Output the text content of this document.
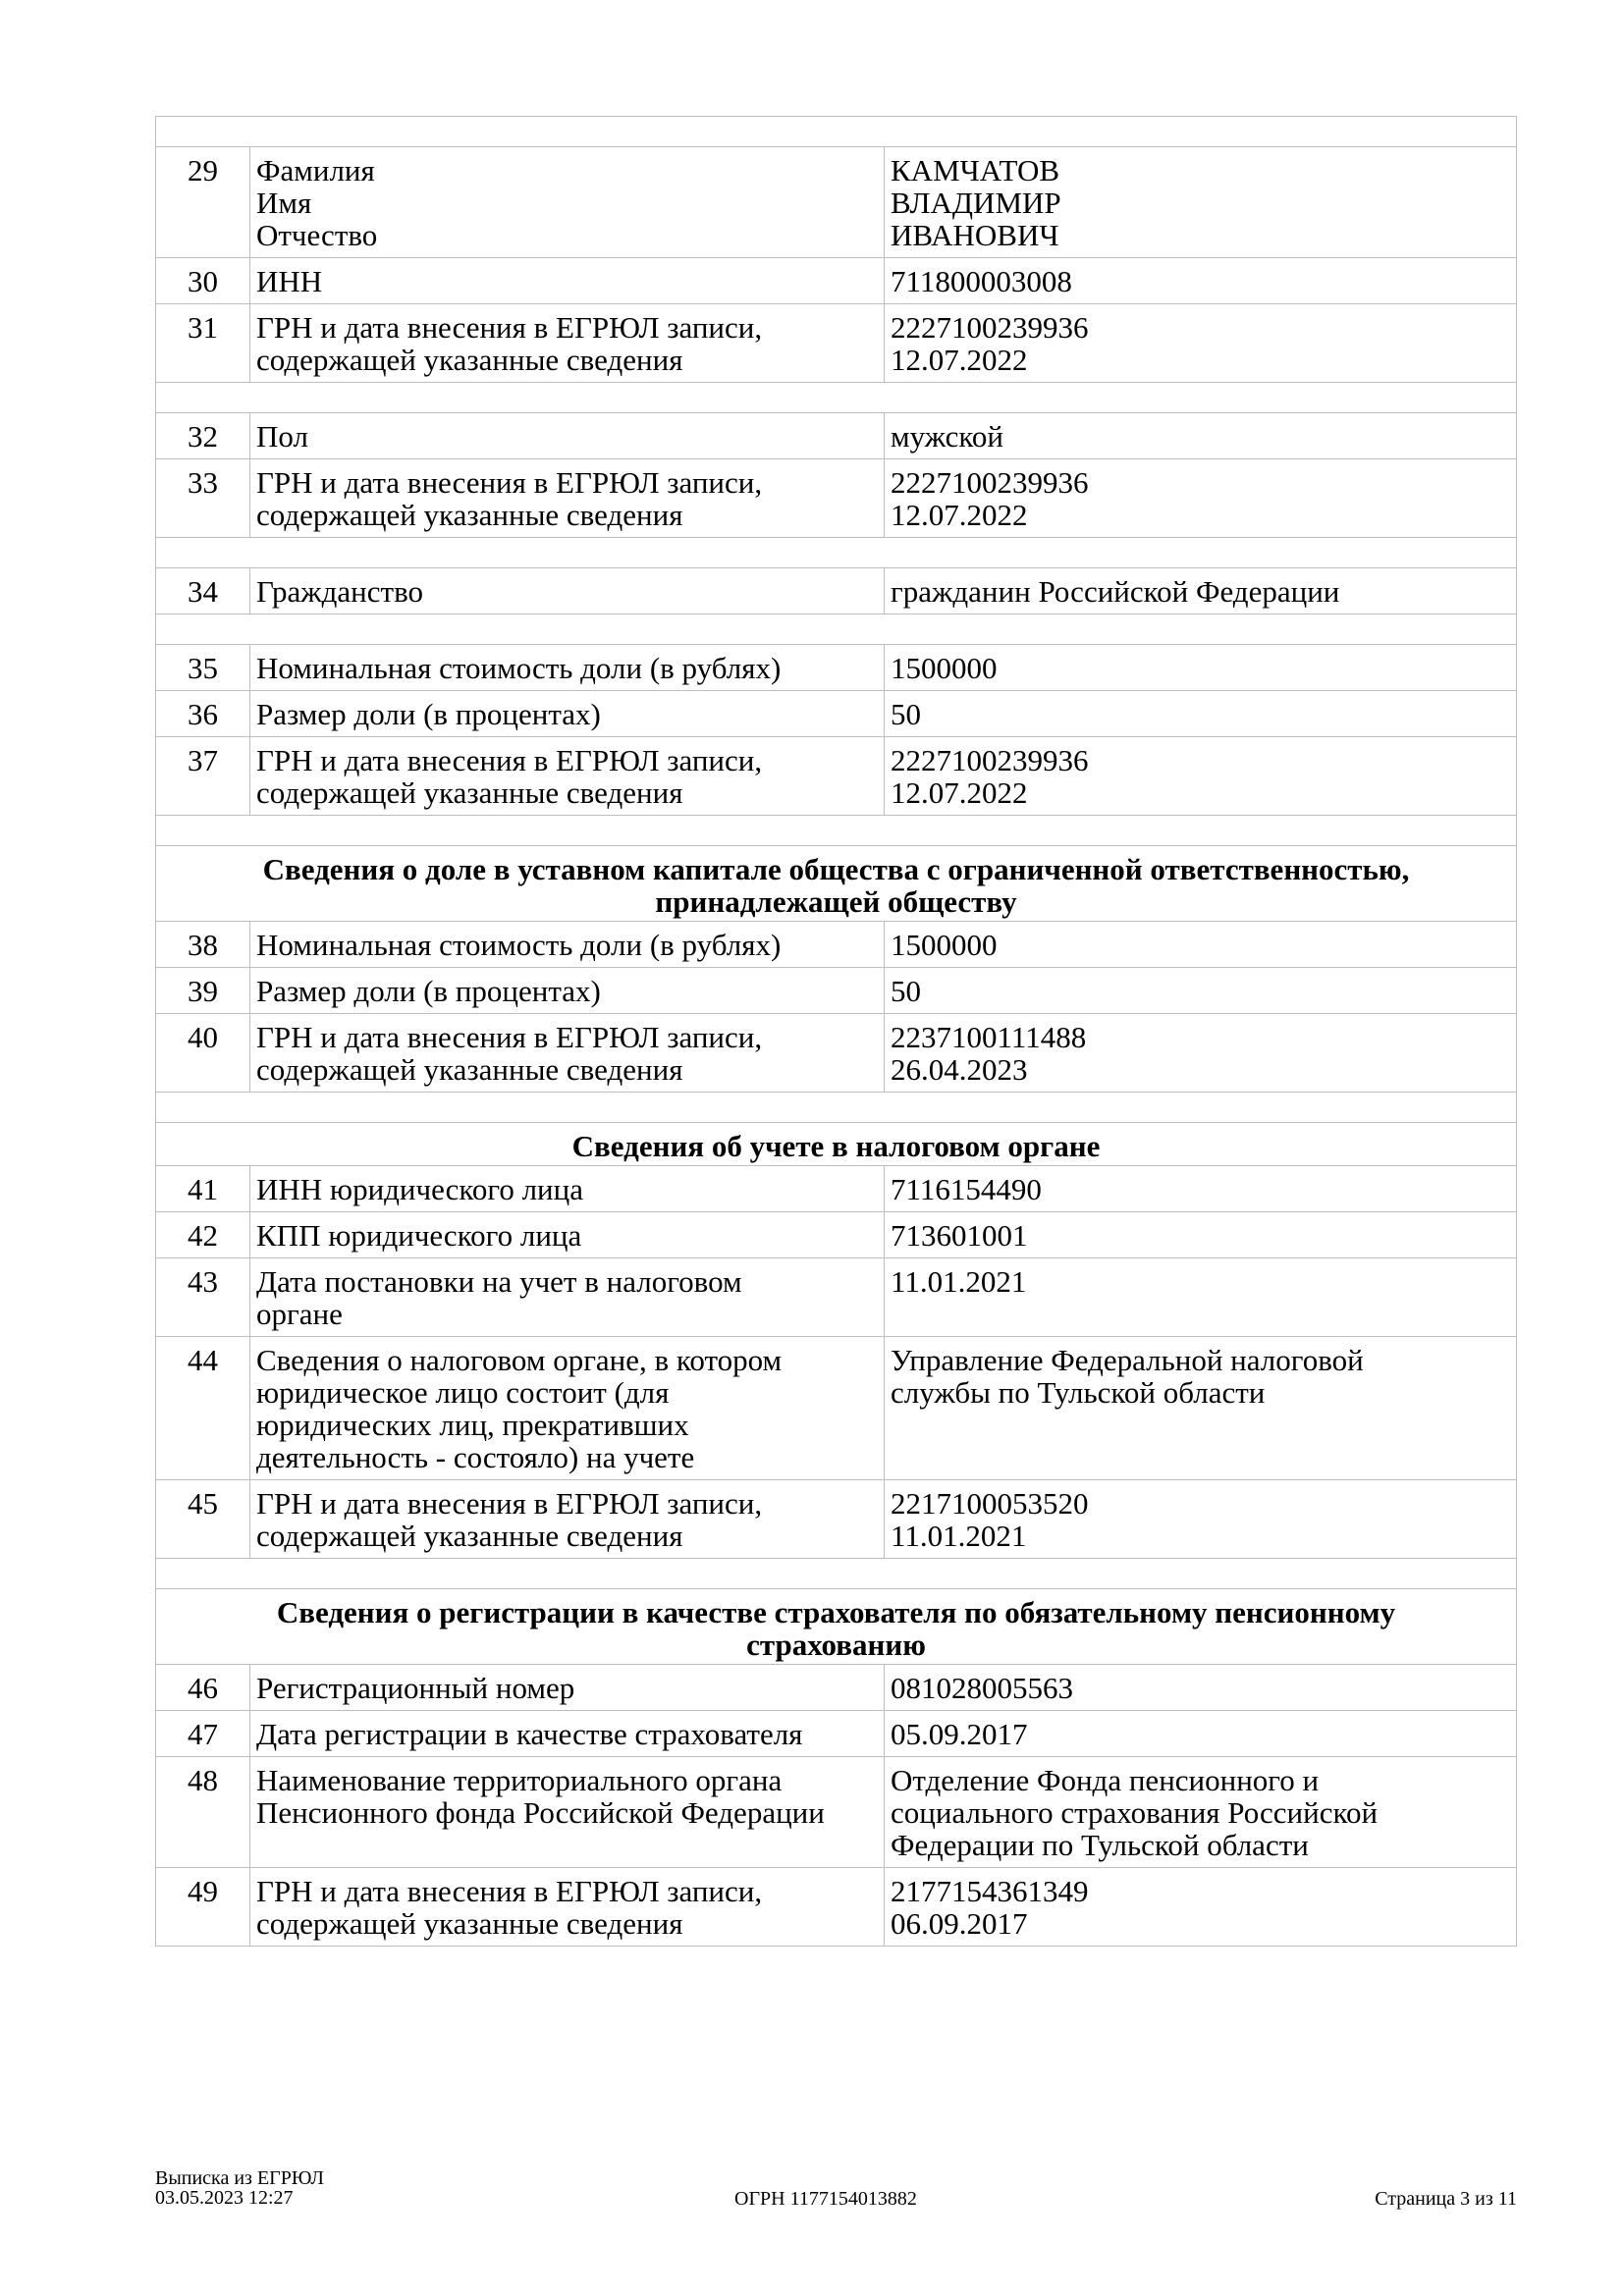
29	Фамилия
Имя
Отчество	КАМЧАТОВ
ВЛАДИМИР
ИВАНОВИЧ
30	ИНН	711800003008
31	ГРН и дата внесения в ЕГРЮЛ записи,
содержащей указанные сведения	2227100239936
12.07.2022

32	Пол	мужской
33	ГРН и дата внесения в ЕГРЮЛ записи,
содержащей указанные сведения	2227100239936
12.07.2022

34	Гражданство	гражданин Российской Федерации

35	Номинальная стоимость доли (в рублях)	1500000
36	Размер доли (в процентах)	50
37	ГРН и дата внесения в ЕГРЮЛ записи,
содержащей указанные сведения	2227100239936
12.07.2022

Сведения о доле в уставном капитале общества с ограниченной ответственностью,
принадлежащей обществу		
38	Номинальная стоимость доли (в рублях)	1500000
39	Размер доли (в процентах)	50
40	ГРН и дата внесения в ЕГРЮЛ записи,
содержащей указанные сведения	2237100111488
26.04.2023

Сведения об учете в налоговом органе		
41	ИНН юридического лица	7116154490
42	КПП юридического лица	713601001
43	Дата постановки на учет в налоговом
органе	11.01.2021
44	Сведения о налоговом органе, в котором
юридическое лицо состоит (для
юридических лиц, прекративших
деятельность - состояло) на учете	Управление Федеральной налоговой
службы по Тульской области
45	ГРН и дата внесения в ЕГРЮЛ записи,
содержащей указанные сведения	2217100053520
11.01.2021

Сведения о регистрации в качестве страхователя по обязательному пенсионному
страхованию		
46	Регистрационный номер	081028005563
47	Дата регистрации в качестве страхователя	05.09.2017
48	Наименование территориального органа
Пенсионного фонда Российской Федерации	Отделение Фонда пенсионного и
социального страхования Российской
Федерации по Тульской области
49	ГРН и дата внесения в ЕГРЮЛ записи,
содержащей указанные сведения	2177154361349
06.09.2017
Выписка из ЕГРЮЛ
03.05.2023 12:27	ОГРН 1177154013882	Страница 3 из 11
